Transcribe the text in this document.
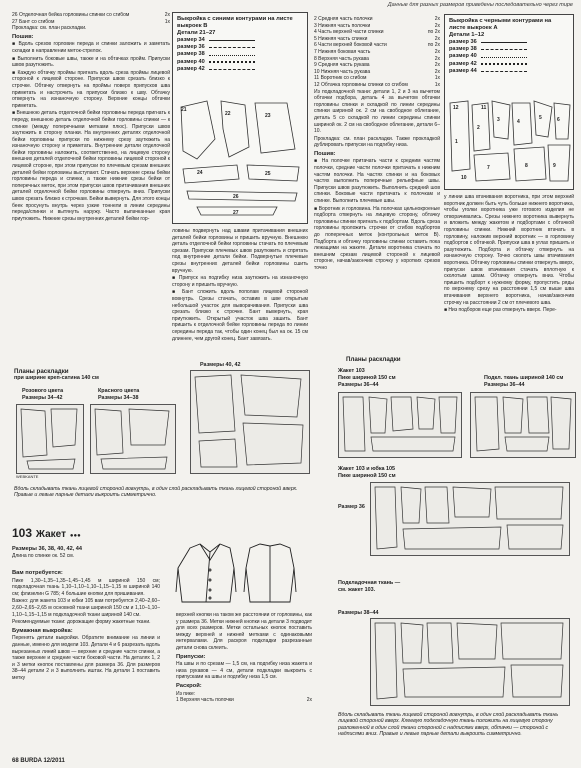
Данные для разных размеров приведены последовательно через тире
26 Отделочная бейка горловины спинки со сгибом	2x
27 Бант со сгибом	1x

Прокладка: см. план раскладки.

Пошив:

■ Вдоль срезов горловин переда и спинки заложить и заметать складки в направлении меток-стрелок.

■ Выполнить боковые швы, также и на обтачках пройм. Припуски швов разутюжить.

■ Каждую обтачку проймы пригнать вдоль среза проймы лицевой стороной к лицевой стороне. Припуски швов срезать близко к строчке. Обтачку отвернуть на проймы поверх припусков шва приметать и настрочить на припуски близко к шву. Обтачку отвернуть на изнаночную сторону. Верхние концы обтачки приметать.

■ Внешнюю деталь отделочной бейки горловины переда пригнать к переду, внешнюю деталь отделочной бейки горловины спинки — к спинке (между поперечными метками плюс). Припуски швов заутюжить в сторону планки. На внутренних деталях отделочной бейки горловины припуски по нижнему срезу заутюжить на изнаночную сторону и приметать. Внутренние детали отделочной бейки горловины наложить, соответственно, на лицевую сторону внешних деталей отделочной бейки горловины лицевой стороной к лицевой стороне, при этом припуски по плечевым срезам внешних деталей бейки горловины выступают. Стачать верхние срезы бейки горловины переда и спинки, а также нижние срезы бейки от поперечных меток, при этом припуски швов притачивания внешних деталей отделочной бейки горловины отвернуть вниз. Припуски швов срезать близко к строчкам. Бейки вывернуть. Для этого концы беек просунуть внутрь через узкие тоннели в линии середины переда/спинки и вытянуть наружу. Часто выпачканные края приутюжить. Нижние срезы внутренних деталей бейки гор-

Выкройка с синими контурами на листе выкроек В
Детали 21–27
размер 34
размер 36
размер 38
размер 40
размер 42
21
22	23
24	25
26
27

ловины подвернуть над швами притачивания внешних деталей бейки горловины и пришить вручную. Внешнюю деталь отделочной бейки горловины стачать по плечевым срезам. Припуски плечевых швов разутюжить и спрятать под внутренние детали бейки. Подвернутые плечевые срезы внутренних деталей бейки горловины сшить вручную.

■ Припуск на подгибку низа заутюжить на изнаночную сторону и пришить вручную.

■ Бант сложить вдоль пополам лицевой стороной вовнутрь. Срезы стачать, оставив в шве открытым небольшой участок для выворачивания. Припуски шва срезать близко к строчке. Бант вывернуть, края приутюжить. Открытый участок шва зашить. Бант пришить к отделочной бейке горловины переда по линии середины переда так, чтобы один конец был на ок. 15 см длиннее, чем другой конец. Бант завязать.

2 Средняя часть полочки	2x
3 Нижняя часть полочки	2x
4 Часть верхней части спинки	по 2x
5 Нижняя часть спинки	2x
6 Части верхней боковой части	по 2x
7 Нижняя боковая часть	2x
8 Верхняя часть рукава	2x
9 Средняя часть рукава	2x
10 Нижняя часть рукава	2x
11 Воротник со сгибом	1x
12 Обтачка горловины спинки со сгибом	1x

Из подкладочной ткани: детали 1, 2 и 3 на вычетом обтачки подбора, деталь 4 за вычетом обтачки горловины спинки и складкой по линии середины спинки шириной ок. 2 см на свободное облегание, деталь 5 со складкой по линии середины спинки шириной ок. 2 см на свободное облегание, детали 6–10.

Прокладка: см. план раскладки. Также прокладкой дублировать припуски на подгибку низа.

Пошив:

■ На полочке притачать части к средним частям полочки, средние части полочки притачать к нижним частям полочки. На частях спинки и на боковых частях выполнить поперечные рельефные швы. Припуски швов разутюжить. Выполнить средний шов спинки. Боковые части притачать к полочкам и спинке. Выполнить плечевые швы.

■ Воротник и горловина. На полочках цельнокроеные подборта отвернуть на лицевую сторону, обтачку горловины спинки пригнать к подбортам. Вдоль среза горловины проложить строчки от сгибов подбортов до поперечных меток (контрольных меток В). Подборта и обтачку горловины спинки оставить пока лежащими на жакете. Детали воротника стачать по внешним срезам лицевой стороной к лицевой стороне, начав/закончив строчку у коротких срезов точно

Выкройка с черными контурами на листе выкроек А
Детали 1–12
размер 36
размер 38
размер 40
размер 42
размер 44
1
2
3	4
5	6
7	8	9
10
11
12

у линии шва втачивания воротника, при этом верхний воротник должен быть чуть больше нижнего воротника, чтобы уголки воротника уже готового изделия не отворачивались. Срезы нижнего воротника вывернуть и вложить между жакетом и подбортами с обтачкой горловины спинки. Нижний воротник втачать в горловину, наложив верхний воротник — в горловину подбортов с обтачкой. Припуски шва в углах пришить и разутюжить. Подборта и обтачку отвернуть на изнаночную сторону. Точно сколоть швы втачивания воротника. Обтачку горловины спинки отвернуть вверх, припуски швов втачивания стачать вплотную к сколотым швам. Обтачку отвернуть вниз. Чтобы пришить подборт к нужному форму, пропустить ряды по верхнему срезу на расстоянии 1,5 см выше шва втачивания верхнего воротника, начав/закончив строчку на расстоянии 2 см от плечевого шва.

■ Низ подборов еще раз отвернуть вверх. Пере-

Планы раскладки
при ширине креп-сатина 140 см
Розового цвета
Размеры 34–42
Красного цвета
Размеры 34–38
Размеры 40, 42
WEBKANTE
Вдоль складывать ткань лицевой стороной вовнутрь, в один слой раскладывать ткань лицевой стороной вверх. Правые и левые парные детали выкроить симметрично.
103 Жакет ●●●
Размеры 36, 38, 40, 42, 44
Длина по спинке ок. 52 см.
Вам потребуется:

Пике 1,30–1,35–1,35–1,45–1,45 м шириной 150 см; подкладочная ткань 1,10–1,10–1,10–1,15–1,15 м шириной 140 см; флизелин G 785; 4 большие кнопки для пришивания.

Важно: для жакета 103 и юбки 105 вам потребуется 2,40–2,60–2,60–2,65–2,65 м основной ткани шириной 150 см и 1,10–1,10–1,10–1,15–1,15 м подкладочной ткани шириной 140 см.

Рекомендуемые ткани: дорожащие форму жакетные ткани.

Бумажная выкройка:

Перенять детали выкройки. Обратите внимание на линии и данные, именно для модели 103. Детали 4 и 6 разрезать вдоль вырезанных линий швов — верхние и средние части спинки, а также верхние и средние части боковой части. На деталях 1, 2 и 3 метки кнопок поставлены для размера 36. Для размеров 38–44 детали 2 и 3 выполнить иштак. На детали 1 поставить метку

верхней кнопки на таком же расстоянии от горловины, как у размера 36. Метки нижней кнопки на детали 3 подводит для всех размеров. Метки остальных кнопок поставить между верхней и нижней метками с одинаковыми интервалами. Для раскроя подкладки разрезанные детали снова склеить.

Припуски:

На швы и по срезам — 1,5 см, на подгибку низа жакета и низа рукавов — 4 см, детали подкладки выкроить с припусками на швы и подгибку низа 1,5 см.

Раскрой:
Из пике:
1 Верхняя часть полочки	2x
Планы раскладки
Жакет 103
Пике шириной 150 см
Размеры 36–44
Подкл. ткань шириной 140 см
Размеры 36–44
Жакет 103 и юбка 105
Пике шириной 150 см
Размер 36
Подкладочная ткань — см. жакет 103.
Размеры 38–44
Вдоль складывать ткань лицевой стороной вовнутрь, в один слой раскладывать ткань лицевой стороной вверх. Клеевую подкладочную ткань положить на лицевую сторону разложенной в один слой ткани стороной с надписями вверх, обтачки — стороной с надписями вниз. Правые и левые парные детали выкроить симметрично.
68 BURDA 12/2011
